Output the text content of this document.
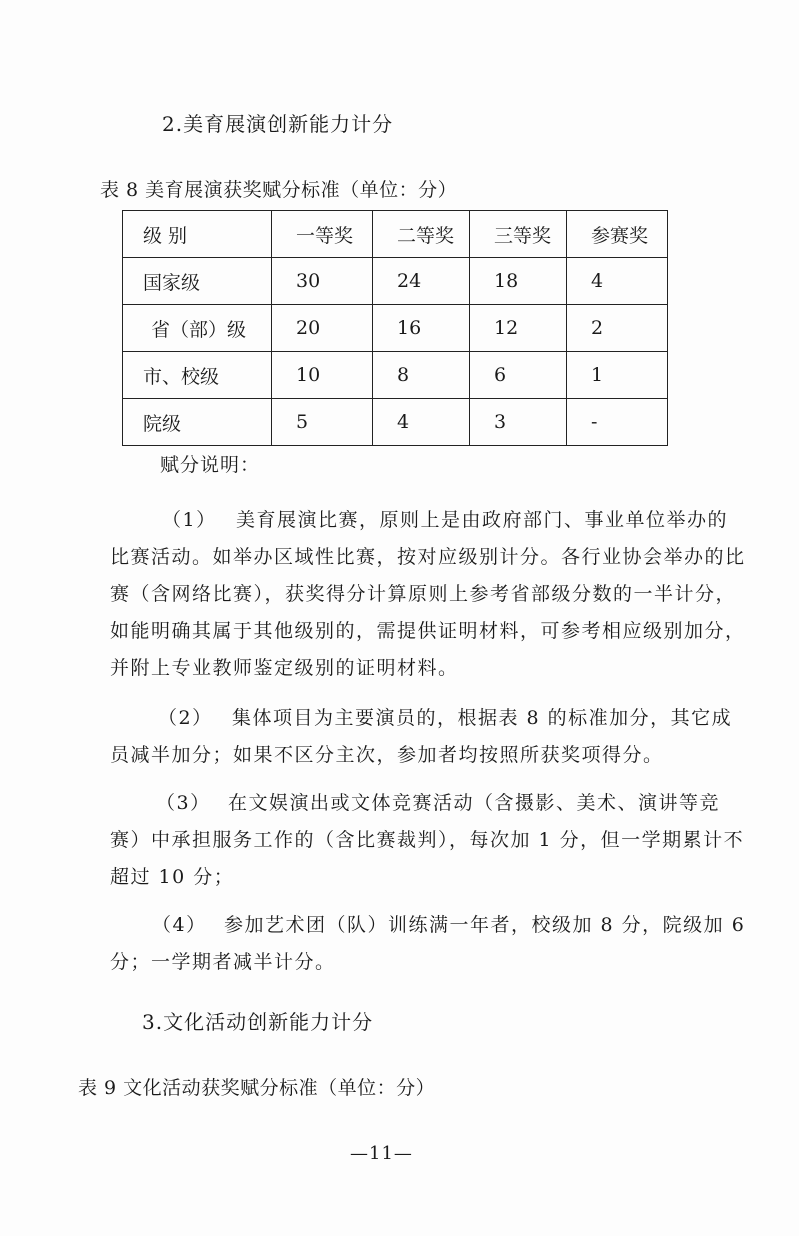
2.美育展演创新能力计分
表 8 美育展演获奖赋分标准（单位：分）
级 别	一等奖	二等奖	三等奖	参赛奖
国家级	30	24	18	4
省（部）级	20	16	12	2
市、校级	10	8	6	1
院级	5	4	3	-
赋分说明：
（1） 美育展演比赛，原则上是由政府部门、事业单位举办的
比赛活动。如举办区域性比赛，按对应级别计分。各行业协会举办的比
赛（含网络比赛），获奖得分计算原则上参考省部级分数的一半计分，
如能明确其属于其他级别的，需提供证明材料，可参考相应级别加分，
并附上专业教师鉴定级别的证明材料。
（2） 集体项目为主要演员的，根据表 8 的标准加分，其它成
员减半加分；如果不区分主次，参加者均按照所获奖项得分。
（3） 在文娱演出或文体竞赛活动（含摄影、美术、演讲等竞
赛）中承担服务工作的（含比赛裁判），每次加 1 分，但一学期累计不
超过 10 分；
（4） 参加艺术团（队）训练满一年者，校级加 8 分，院级加 6
分；一学期者减半计分。
3.文化活动创新能力计分
表 9 文化活动获奖赋分标准（单位：分）
—11—
